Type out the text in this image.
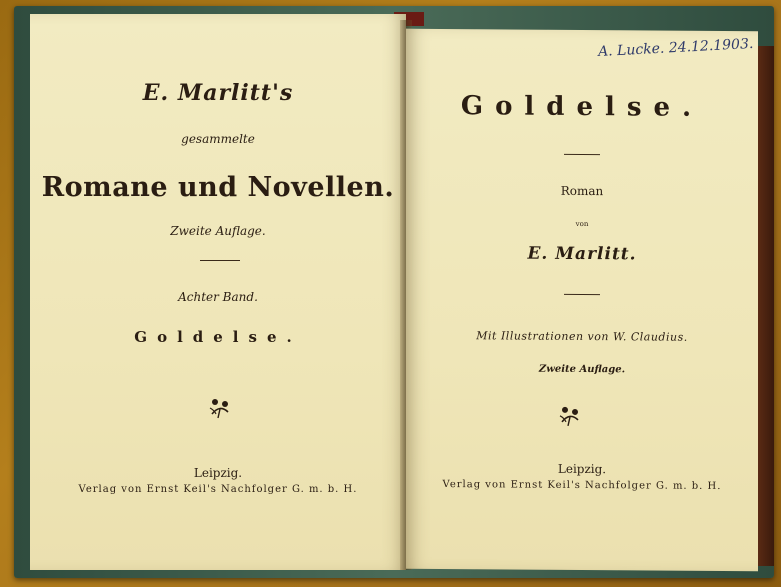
E. Marlitt's
gesammelte
Romane und Novellen.
Zweite Auflage.
Achter Band.
Goldelse.
Leipzig.
Verlag von Ernst Keil's Nachfolger G. m. b. H.
Goldelse.
Roman
von
E. Marlitt.
Mit Illustrationen von W. Claudius.
Zweite Auflage.
Leipzig.
Verlag von Ernst Keil's Nachfolger G. m. b. H.
A. Lucke. 24.12.1903.
